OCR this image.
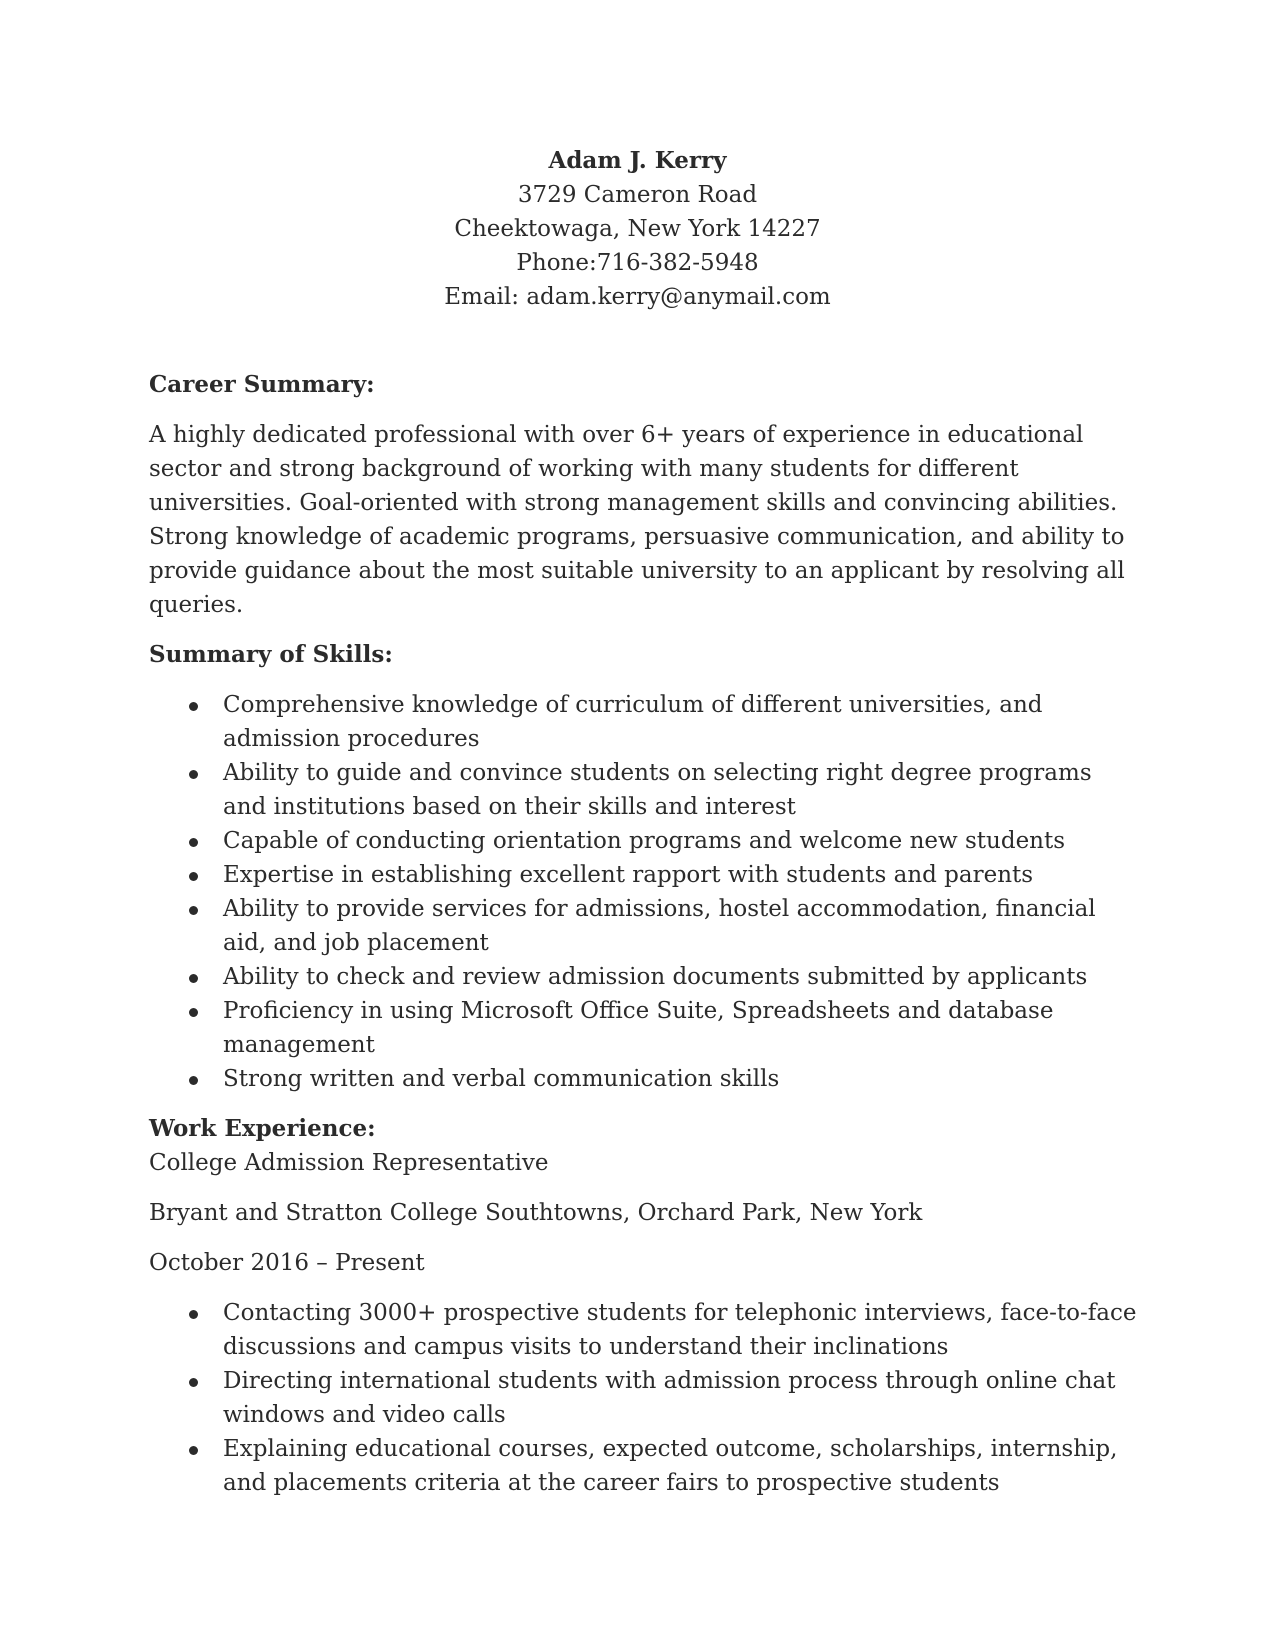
Adam J. Kerry
3729 Cameron Road
Cheektowaga, New York 14227
Phone:716-382-5948
Email: adam.kerry@anymail.com

Career Summary:

A highly dedicated professional with over 6+ years of experience in educational sector and strong background of working with many students for different universities. Goal-oriented with strong management skills and convincing abilities. Strong knowledge of academic programs, persuasive communication, and ability to provide guidance about the most suitable university to an applicant by resolving all queries.

Summary of Skills:

Comprehensive knowledge of curriculum of different universities, and admission procedures
Ability to guide and convince students on selecting right degree programs and institutions based on their skills and interest
Capable of conducting orientation programs and welcome new students
Expertise in establishing excellent rapport with students and parents
Ability to provide services for admissions, hostel accommodation, financial aid, and job placement
Ability to check and review admission documents submitted by applicants
Proficiency in using Microsoft Office Suite, Spreadsheets and database management
Strong written and verbal communication skills

Work Experience:

College Admission Representative

Bryant and Stratton College Southtowns, Orchard Park, New York

October 2016 – Present

Contacting 3000+ prospective students for telephonic interviews, face-to-face discussions and campus visits to understand their inclinations
Directing international students with admission process through online chat windows and video calls
Explaining educational courses, expected outcome, scholarships, internship, and placements criteria at the career fairs to prospective students
